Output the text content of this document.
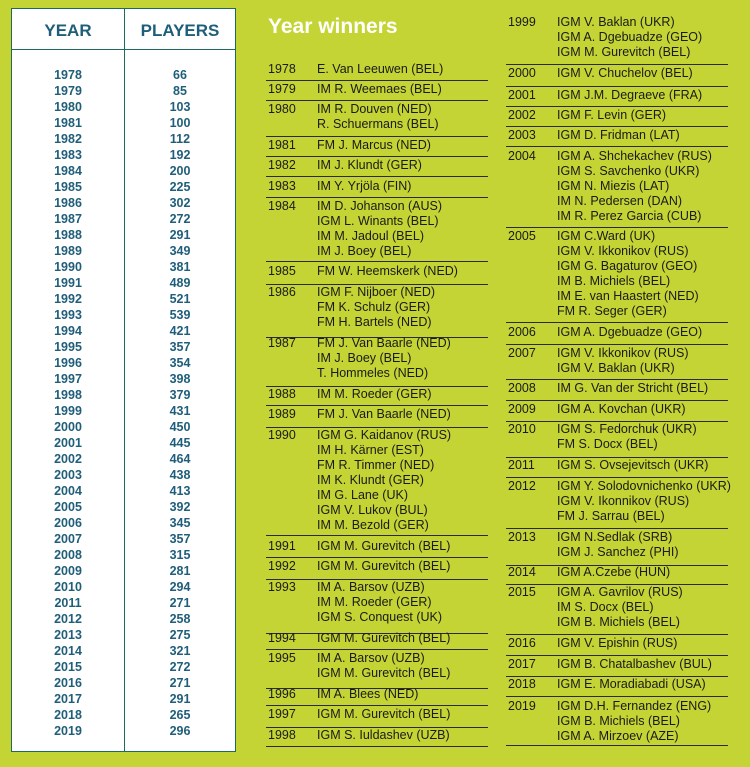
YEAR	PLAYERS
1978	66
1979	85
1980	103
1981	100
1982	112
1983	192
1984	200
1985	225
1986	302
1987	272
1988	291
1989	349
1990	381
1991	489
1992	521
1993	539
1994	421
1995	357
1996	354
1997	398
1998	379
1999	431
2000	450
2001	445
2002	464
2003	438
2004	413
2005	392
2006	345
2007	357
2008	315
2009	281
2010	294
2011	271
2012	258
2013	275
2014	321
2015	272
2016	271
2017	291
2018	265
2019	296
Year winners
1978 E. Van Leeuwen (BEL)
1979 IM R. Weemaes (BEL)
1980 IM R. Douven (NED)
R. Schuermans (BEL)
1981 FM J. Marcus (NED)
1982 IM J. Klundt (GER)
1983 IM Y. Yrjöla (FIN)
1984 IM D. Johanson (AUS)
IGM L. Winants (BEL)
IM M. Jadoul (BEL)
IM J. Boey (BEL)
1985 FM W. Heemskerk (NED)
1986 IGM F. Nijboer (NED)
FM K. Schulz (GER)
FM H. Bartels (NED)
1987 FM J. Van Baarle (NED)
IM J. Boey (BEL)
T. Hommeles (NED)
1988 IM M. Roeder (GER)
1989 FM J. Van Baarle (NED)
1990 IGM G. Kaidanov (RUS)
IM H. Kärner (EST)
FM R. Timmer (NED)
IM K. Klundt (GER)
IM G. Lane (UK)
IGM V. Lukov (BUL)
IM M. Bezold (GER)
1991 IGM M. Gurevitch (BEL)
1992 IGM M. Gurevitch (BEL)
1993 IM A. Barsov (UZB)
IM M. Roeder (GER)
IGM S. Conquest (UK)
1994 IGM M. Gurevitch (BEL)
1995 IM A. Barsov (UZB)
IGM M. Gurevitch (BEL)
1996 IM A. Blees (NED)
1997 IGM M. Gurevitch (BEL)
1998 IGM S. Iuldashev (UZB)
1999 IGM V. Baklan (UKR)
IGM A. Dgebuadze (GEO)
IGM M. Gurevitch (BEL)
2000 IGM V. Chuchelov (BEL)
2001 IGM J.M. Degraeve (FRA)
2002 IGM F. Levin (GER)
2003 IGM D. Fridman (LAT)
2004 IGM A. Shchekachev (RUS)
IGM S. Savchenko (UKR)
IGM N. Miezis (LAT)
IM N. Pedersen (DAN)
IM R. Perez Garcia (CUB)
2005 IGM C.Ward (UK)
IGM V. Ikkonikov (RUS)
IGM G. Bagaturov (GEO)
IM B. Michiels (BEL)
IM E. van Haastert (NED)
FM R. Seger (GER)
2006 IGM A. Dgebuadze (GEO)
2007 IGM V. Ikkonikov (RUS)
IGM V. Baklan (UKR)
2008 IM G. Van der Stricht (BEL)
2009 IGM A. Kovchan (UKR)
2010 IGM S. Fedorchuk (UKR)
FM S. Docx (BEL)
2011 IGM S. Ovsejevitsch (UKR)
2012 IGM Y. Solodovnichenko (UKR)
IGM V. Ikonnikov (RUS)
FM J. Sarrau (BEL)
2013 IGM N.Sedlak (SRB)
IGM J. Sanchez (PHI)
2014 IGM A.Czebe (HUN)
2015 IGM A. Gavrilov (RUS)
IM S. Docx (BEL)
IGM B. Michiels (BEL)
2016 IGM V. Epishin (RUS)
2017 IGM B. Chatalbashev (BUL)
2018 IGM E. Moradiabadi (USA)
2019 IGM D.H. Fernandez (ENG)
IGM B. Michiels (BEL)
IGM A. Mirzoev (AZE)
